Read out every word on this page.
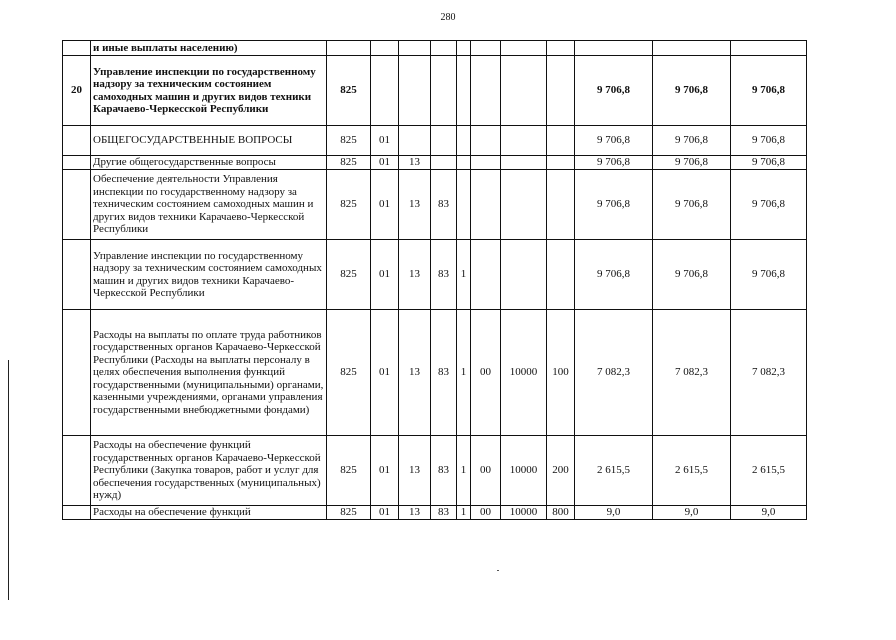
280
	и иные выплаты населению)											
20	Управление инспекции по государственному надзору за техническим состоянием самоходных машин и других видов техники Карачаево-Черкесской Республики	825								9 706,8	9 706,8	9 706,8
	ОБЩЕГОСУДАРСТВЕННЫЕ ВОПРОСЫ	825	01							9 706,8	9 706,8	9 706,8
	Другие общегосударственные вопросы	825	01	13						9 706,8	9 706,8	9 706,8
	Обеспечение деятельности Управления инспекции по государственному надзору за техническим состоянием самоходных машин и других видов техники Карачаево-Черкесской Республики	825	01	13	83					9 706,8	9 706,8	9 706,8
	Управление инспекции по государственному надзору за техническим состоянием самоходных машин и других видов техники Карачаево-Черкесской Республики	825	01	13	83	1				9 706,8	9 706,8	9 706,8
	Расходы на выплаты по оплате труда работников государственных органов Карачаево-Черкесской Республики (Расходы на выплаты персоналу в целях обеспечения выполнения функций государственными (муниципальными) органами, казенными учреждениями, органами управления государственными внебюджетными фондами)	825	01	13	83	1	00	10000	100	7 082,3	7 082,3	7 082,3
	Расходы на обеспечение функций государственных органов Карачаево-Черкесской Республики (Закупка товаров, работ и услуг для обеспечения государственных (муниципальных) нужд)	825	01	13	83	1	00	10000	200	2 615,5	2 615,5	2 615,5
	Расходы на обеспечение функций	825	01	13	83	1	00	10000	800	9,0	9,0	9,0
